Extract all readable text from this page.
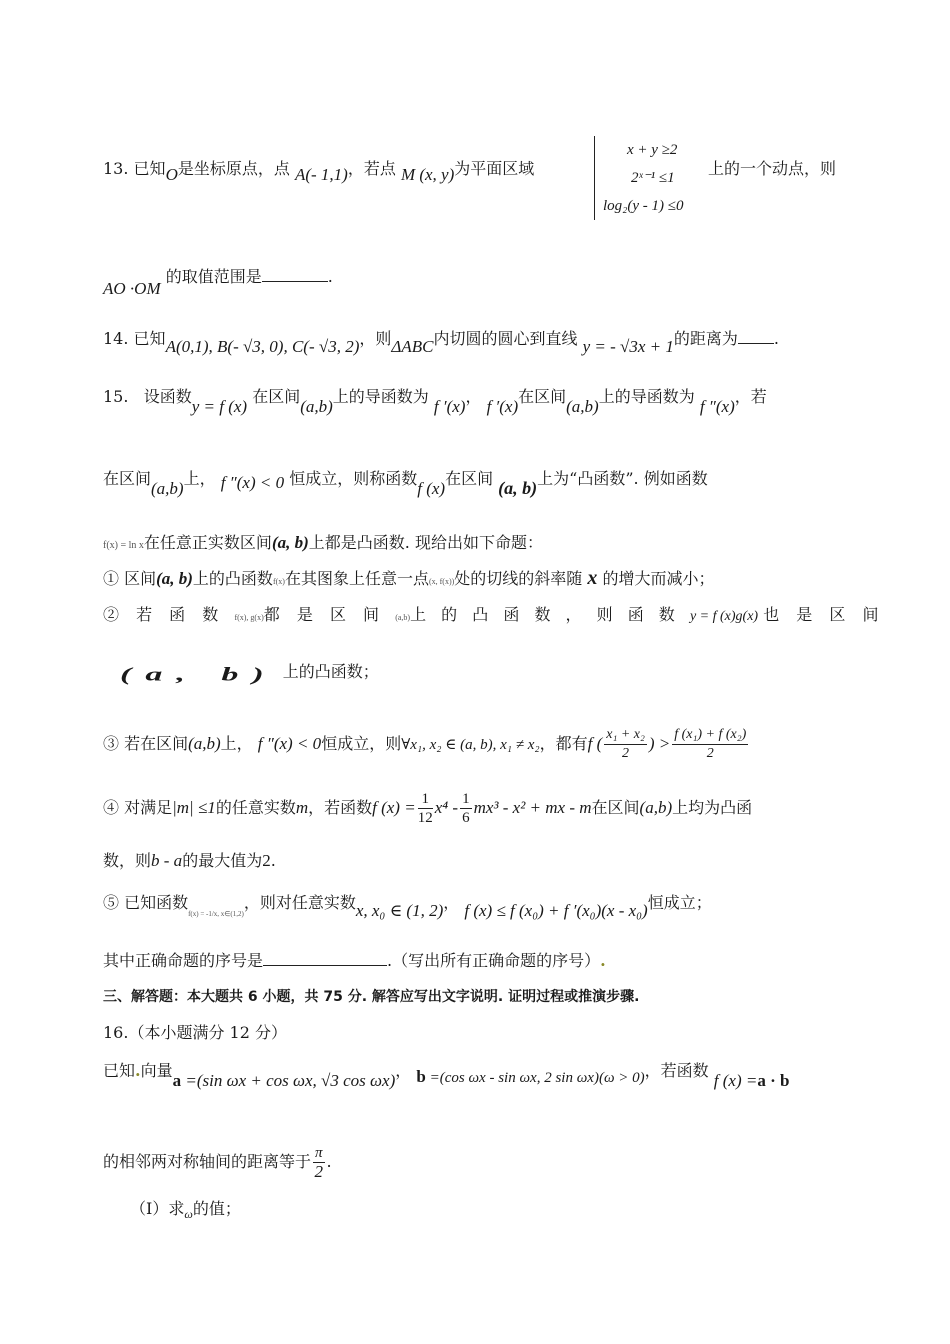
13. 已知O是坐标原点，点 A(- 1,1)，若点 M (x, y)为平面区域
x + y ≥2
2ˣ⁻¹ ≤1
log₂(y - 1) ≤0
上的一个动点，则
AO ·OM 的取值范围是	.
14. 已知A(0,1), B(- √3, 0), C(- √3, 2)，则ΔABC内切圆的圆心到直线 y = - √3x + 1的距离为 .
15. 设函数y = f (x) 在区间(a,b)上的导函数为 f ′(x)， f ′(x)在区间(a,b)上的导函数为 f ″(x)，若
在区间(a,b)上， f ″(x) < 0 恒成立，则称函数f (x)在区间 (a, b)上为“凸函数”. 例如函数
f(x) = ln x在任意正实数区间(a, b)上都是凸函数. 现给出如下命题：
① 区间(a, b)上的凸函数f(x)在其图象上任意一点(x, f(x))处的切线的斜率随 x 的增大而减小；
② 若 函 数 f(x), g(x)都 是 区 间 (a,b)上 的 凸 函 数 ， 则 函 数 y = f (x)g(x) 也 是 区 间
(a, b) 上的凸函数；
③ 若在区间(a,b)上， f ″(x) < 0恒成立，则∀x₁, x₂ ∈ (a, b), x₁ ≠ x₂，都有f ( $\frac{\text{x₁ + x₂}}{2}$ ) > $\frac{\text{f (x₁) + f (x₂)}}{2}$
④ 对满足|m| ≤1的任意实数m，若函数f $(x) = \frac{1}{12} x^4 - \frac{1}{6} mx^3 - x^2$ + mx - m在区间(a,b)上均为凸函
数，则b - a的最大值为2.
⑤ 已知函数$_{f(x) = -1/x, x\in(1,2)}$，则对任意实数x, x₀ ∈ (1, 2)， f (x) ≤ f (x₀) + f ′(x₀)(x - x₀)恒成立；
其中正确命题的序号是	.（写出所有正确命题的序号）.
三、解答题：本大题共 6 小题，共 75 分. 解答应写出文字说明. 证明过程或推演步骤.
16.（本小题满分 12 分）
已知.向量a =(sin ωx + cos ωx, √3 cos ωx)， b =(cos ωx - sin ωx, 2 sin ωx)(ω > 0)，若函数 f (x) =a · b
的相邻两对称轴间的距离等于 $\frac{\pi}{2}$ .
（Ⅰ）求$_\omega$的值；
